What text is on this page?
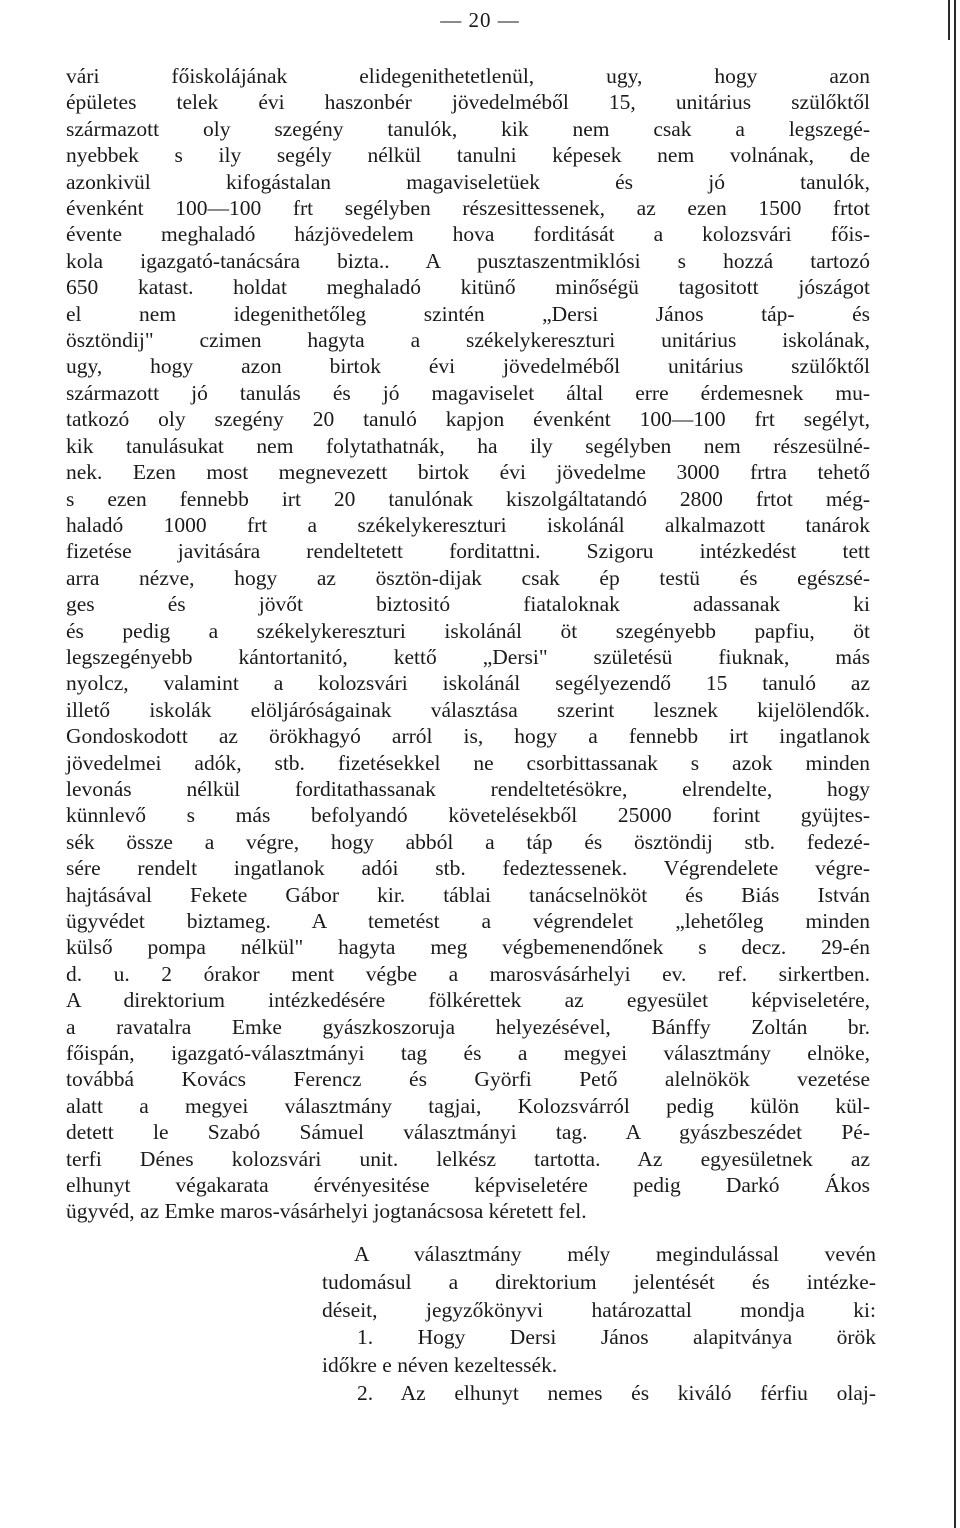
— 20 —
vári főiskolájának elidegenithetetlenül, ugy, hogy azon
épületes telek évi haszonbér jövedelméből 15, unitárius szülőktől
származott oly szegény tanulók, kik nem csak a legszegé-
nyebbek s ily segély nélkül tanulni képesek nem volnának, de
azonkivül kifogástalan magaviseletüek és jó tanulók,
évenként 100—100 frt segélyben részesittessenek, az ezen 1500 frtot
évente meghaladó házjövedelem hova forditását a kolozsvári főis-
kola igazgató-tanácsára bizta.. A pusztaszentmiklósi s hozzá tartozó
650 katast. holdat meghaladó kitünő minőségü tagositott jószágot
el nem idegenithetőleg szintén „Dersi János táp- és
ösztöndij" czimen hagyta a székelykereszturi unitárius iskolának,
ugy, hogy azon birtok évi jövedelméből unitárius szülőktől
származott jó tanulás és jó magaviselet által erre érdemesnek mu-
tatkozó oly szegény 20 tanuló kapjon évenként 100—100 frt segélyt,
kik tanulásukat nem folytathatnák, ha ily segélyben nem részesülné-
nek. Ezen most megnevezett birtok évi jövedelme 3000 frtra tehető
s ezen fennebb irt 20 tanulónak kiszolgáltatandó 2800 frtot még-
haladó 1000 frt a székelykereszturi iskolánál alkalmazott tanárok
fizetése javitására rendeltetett forditattni. Szigoru intézkedést tett
arra nézve, hogy az ösztön-dijak csak ép testü és egészsé-
ges és jövőt biztositó fiataloknak adassanak ki
és pedig a székelykereszturi iskolánál öt szegényebb papfiu, öt
legszegényebb kántortanitó, kettő „Dersi" születésü fiuknak, más
nyolcz, valamint a kolozsvári iskolánál segélyezendő 15 tanuló az
illető iskolák elöljáróságainak választása szerint lesznek kijelölendők.
Gondoskodott az örökhagyó arról is, hogy a fennebb irt ingatlanok
jövedelmei adók, stb. fizetésekkel ne csorbittassanak s azok minden
levonás nélkül forditathassanak rendeltetésökre, elrendelte, hogy
künnlevő s más befolyandó követelésekből 25000 forint gyüjtes-
sék össze a végre, hogy abból a táp és ösztöndij stb. fedezé-
sére rendelt ingatlanok adói stb. fedeztessenek. Végrendelete végre-
hajtásával Fekete Gábor kir. táblai tanácselnököt és Biás István
ügyvédet biztameg. A temetést a végrendelet „lehetőleg minden
külső pompa nélkül" hagyta meg végbemenendőnek s decz. 29-én
d. u. 2 órakor ment végbe a marosvásárhelyi ev. ref. sirkertben.
A direktorium intézkedésére fölkérettek az egyesület képviseletére,
a ravatalra Emke gyászkoszoruja helyezésével, Bánffy Zoltán br.
főispán, igazgató-választmányi tag és a megyei választmány elnöke,
továbbá Kovács Ferencz és Györfi Pető alelnökök vezetése
alatt a megyei választmány tagjai, Kolozsvárról pedig külön kül-
detett le Szabó Sámuel választmányi tag. A gyászbeszédet Pé-
terfi Dénes kolozsvári unit. lelkész tartotta. Az egyesületnek az
elhunyt végakarata érvényesitése képviseletére pedig Darkó Ákos
ügyvéd, az Emke maros-vásárhelyi jogtanácsosa kéretett fel.
A választmány mély megindulással vevén
tudomásul a direktorium jelentését és intézke-
déseit, jegyzőkönyvi határozattal mondja ki:
1. Hogy Dersi János alapitványa örök
időkre e néven kezeltessék.
2. Az elhunyt nemes és kiváló férfiu olaj-
